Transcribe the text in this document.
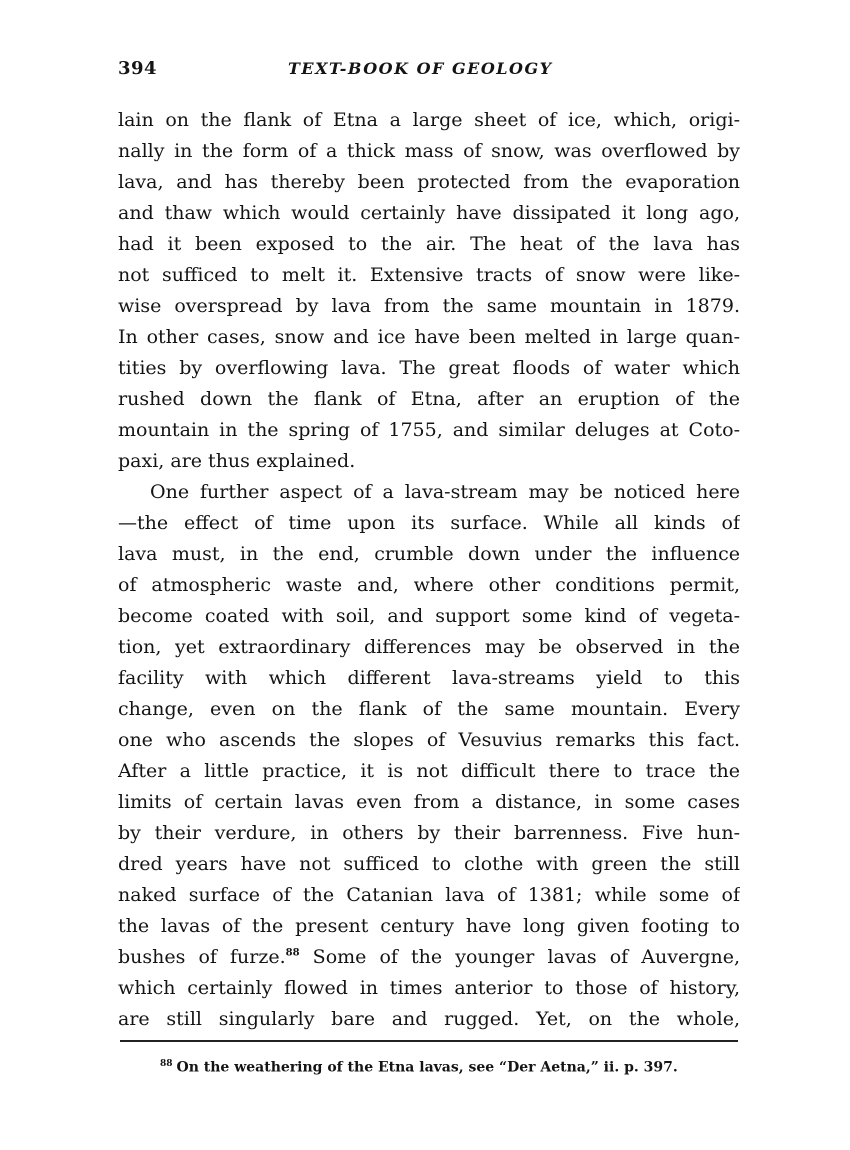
394	TEXT-BOOK OF GEOLOGY
lain on the flank of Etna a large sheet of ice, which, origi-
nally in the form of a thick mass of snow, was overflowed by
lava, and has thereby been protected from the evaporation
and thaw which would certainly have dissipated it long ago,
had it been exposed to the air. The heat of the lava has
not sufficed to melt it. Extensive tracts of snow were like-
wise overspread by lava from the same mountain in 1879.
In other cases, snow and ice have been melted in large quan-
tities by overflowing lava. The great floods of water which
rushed down the flank of Etna, after an eruption of the
mountain in the spring of 1755, and similar deluges at Coto-
paxi, are thus explained.
One further aspect of a lava-stream may be noticed here
—the effect of time upon its surface. While all kinds of
lava must, in the end, crumble down under the influence
of atmospheric waste and, where other conditions permit,
become coated with soil, and support some kind of vegeta-
tion, yet extraordinary differences may be observed in the
facility with which different lava-streams yield to this
change, even on the flank of the same mountain. Every
one who ascends the slopes of Vesuvius remarks this fact.
After a little practice, it is not difficult there to trace the
limits of certain lavas even from a distance, in some cases
by their verdure, in others by their barrenness. Five hun-
dred years have not sufficed to clothe with green the still
naked surface of the Catanian lava of 1381; while some of
the lavas of the present century have long given footing to
bushes of furze.$^{88}$ Some of the younger lavas of Auvergne,
which certainly flowed in times anterior to those of history,
are still singularly bare and rugged. Yet, on the whole,
$^{88}$ On the weathering of the Etna lavas, see “Der Aetna,” ii. p. 397.
